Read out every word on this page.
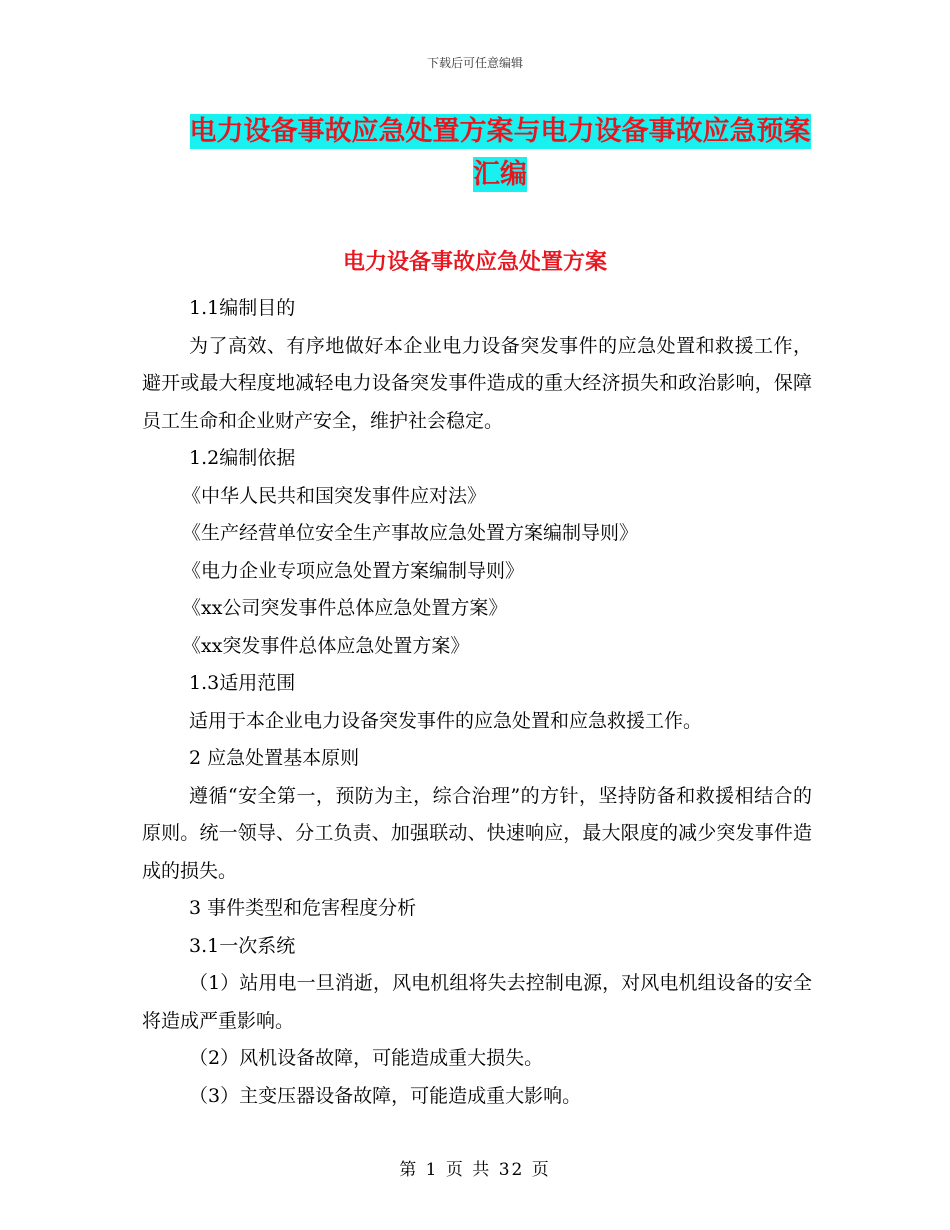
下载后可任意编辑
电力设备事故应急处置方案与电力设备事故应急预案
汇编
电力设备事故应急处置方案

1.1编制目的

为了高效、有序地做好本企业电力设备突发事件的应急处置和救援工作，避开或最大程度地减轻电力设备突发事件造成的重大经济损失和政治影响，保障员工生命和企业财产安全，维护社会稳定。

1.2编制依据

《中华人民共和国突发事件应对法》

《生产经营单位安全生产事故应急处置方案编制导则》

《电力企业专项应急处置方案编制导则》

《xx公司突发事件总体应急处置方案》

《xx突发事件总体应急处置方案》

1.3适用范围

适用于本企业电力设备突发事件的应急处置和应急救援工作。

2 应急处置基本原则

遵循“安全第一，预防为主，综合治理”的方针，坚持防备和救援相结合的原则。统一领导、分工负责、加强联动、快速响应，最大限度的减少突发事件造成的损失。

3 事件类型和危害程度分析

3.1一次系统

（1）站用电一旦消逝，风电机组将失去控制电源，对风电机组设备的安全将造成严重影响。

（2）风机设备故障，可能造成重大损失。

（3）主变压器设备故障，可能造成重大影响。

第 1 页 共 32 页
